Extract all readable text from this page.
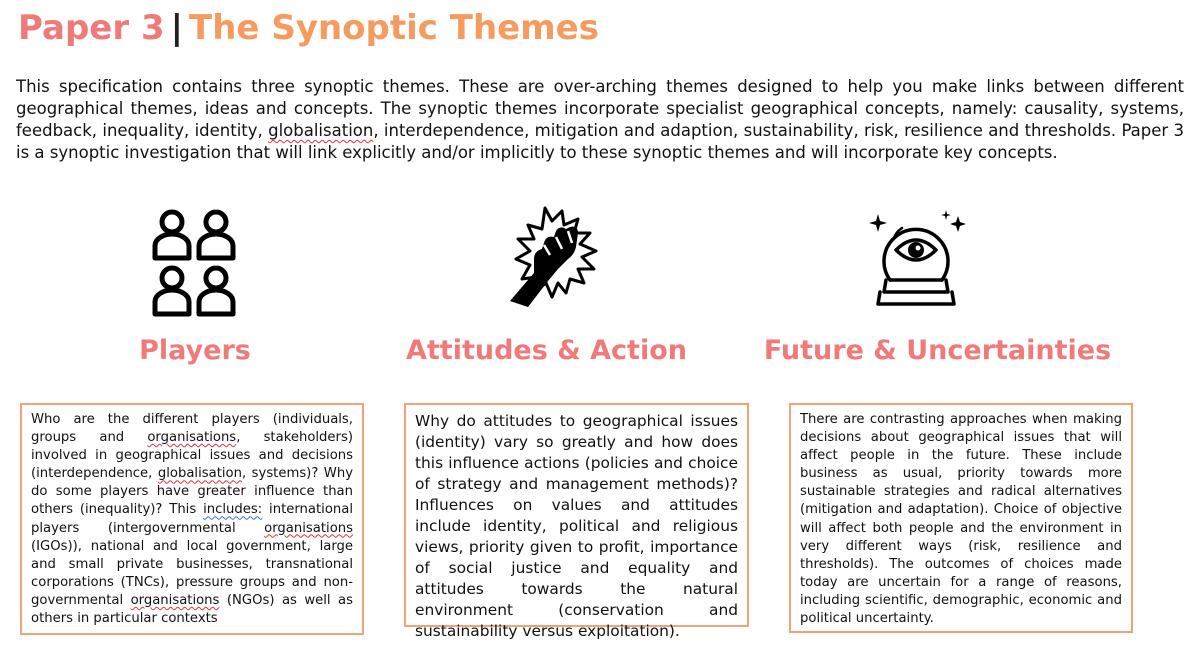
Paper 3 | The Synoptic Themes
This specification contains three synoptic themes. These are over-arching themes designed to help you make links between different geographical themes, ideas and concepts. The synoptic themes incorporate specialist geographical concepts, namely: causality, systems, feedback, inequality, identity, globalisation, interdependence, mitigation and adaption, sustainability, risk, resilience and thresholds. Paper 3 is a synoptic investigation that will link explicitly and/or implicitly to these synoptic themes and will incorporate key concepts.
Players	Attitudes & Action	Future & Uncertainties
Who are the different players (individuals, groups and organisations, stakeholders) involved in geographical issues and decisions (interdependence, globalisation, systems)? Why do some players have greater influence than others (inequality)? This includes: international players (intergovernmental organisations (IGOs)), national and local government, large and small private businesses, transnational corporations (TNCs), pressure groups and non-governmental organisations (NGOs) as well as others in particular contexts
Why do attitudes to geographical issues (identity) vary so greatly and how does this influence actions (policies and choice of strategy and management methods)? Influences on values and attitudes include identity, political and religious views, priority given to profit, importance of social justice and equality and attitudes towards the natural environment (conservation and sustainability versus exploitation).
There are contrasting approaches when making decisions about geographical issues that will affect people in the future. These include business as usual, priority towards more sustainable strategies and radical alternatives (mitigation and adaptation). Choice of objective will affect both people and the environment in very different ways (risk, resilience and thresholds). The outcomes of choices made today are uncertain for a range of reasons, including scientific, demographic, economic and political uncertainty.
